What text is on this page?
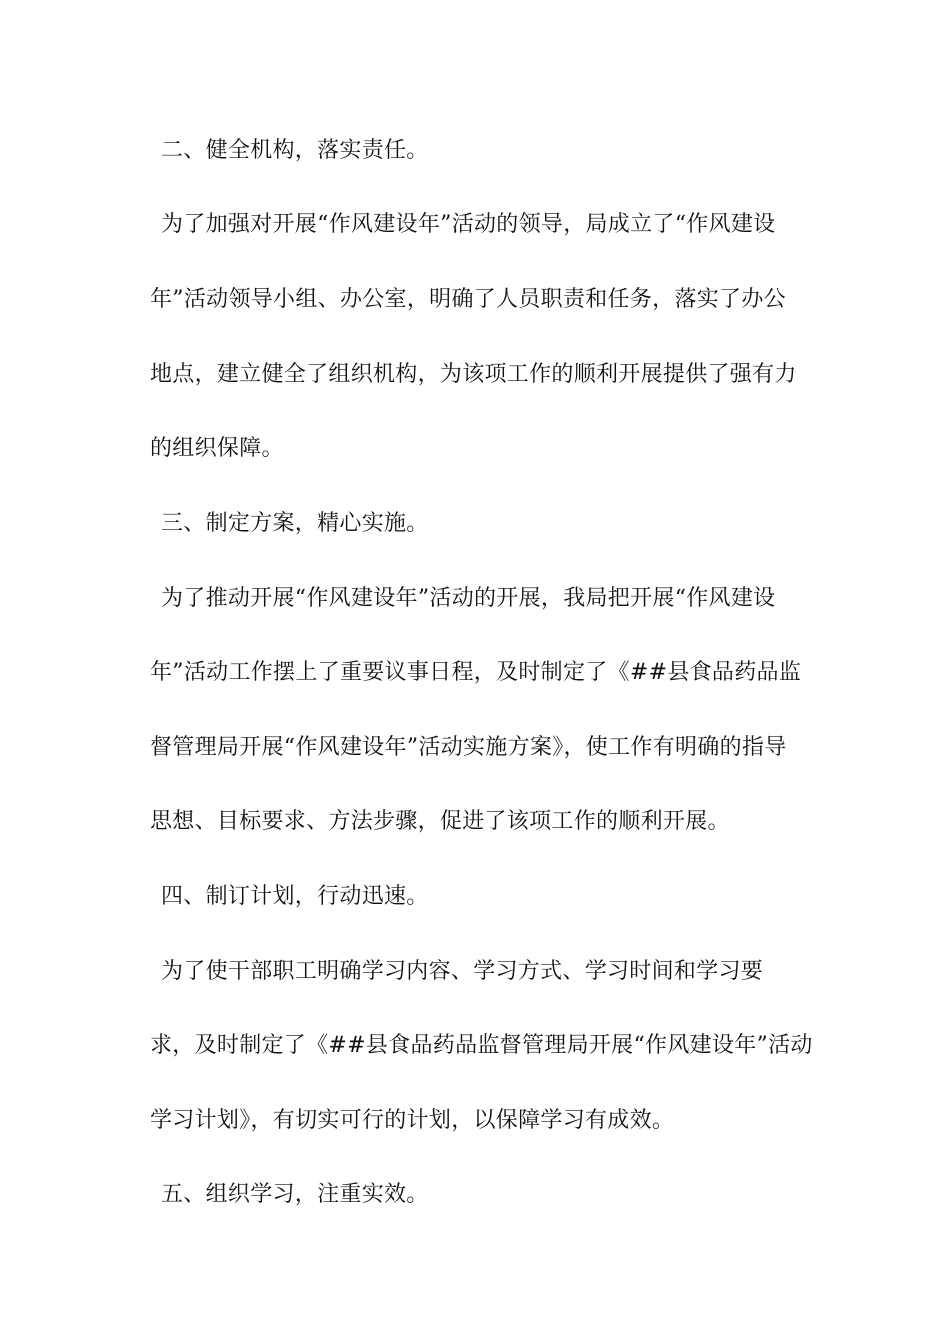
二、健全机构，落实责任。
为了加强对开展“作风建设年”活动的领导，局成立了“作风建设
年”活动领导小组、办公室，明确了人员职责和任务，落实了办公
地点，建立健全了组织机构，为该项工作的顺利开展提供了强有力
的组织保障。
三、制定方案，精心实施。
为了推动开展“作风建设年”活动的开展，我局把开展“作风建设
年”活动工作摆上了重要议事日程，及时制定了《##县食品药品监
督管理局开展“作风建设年”活动实施方案》，使工作有明确的指导
思想、目标要求、方法步骤，促进了该项工作的顺利开展。
四、制订计划，行动迅速。
为了使干部职工明确学习内容、学习方式、学习时间和学习要
求，及时制定了《##县食品药品监督管理局开展“作风建设年”活动
学习计划》，有切实可行的计划，以保障学习有成效。
五、组织学习，注重实效。
